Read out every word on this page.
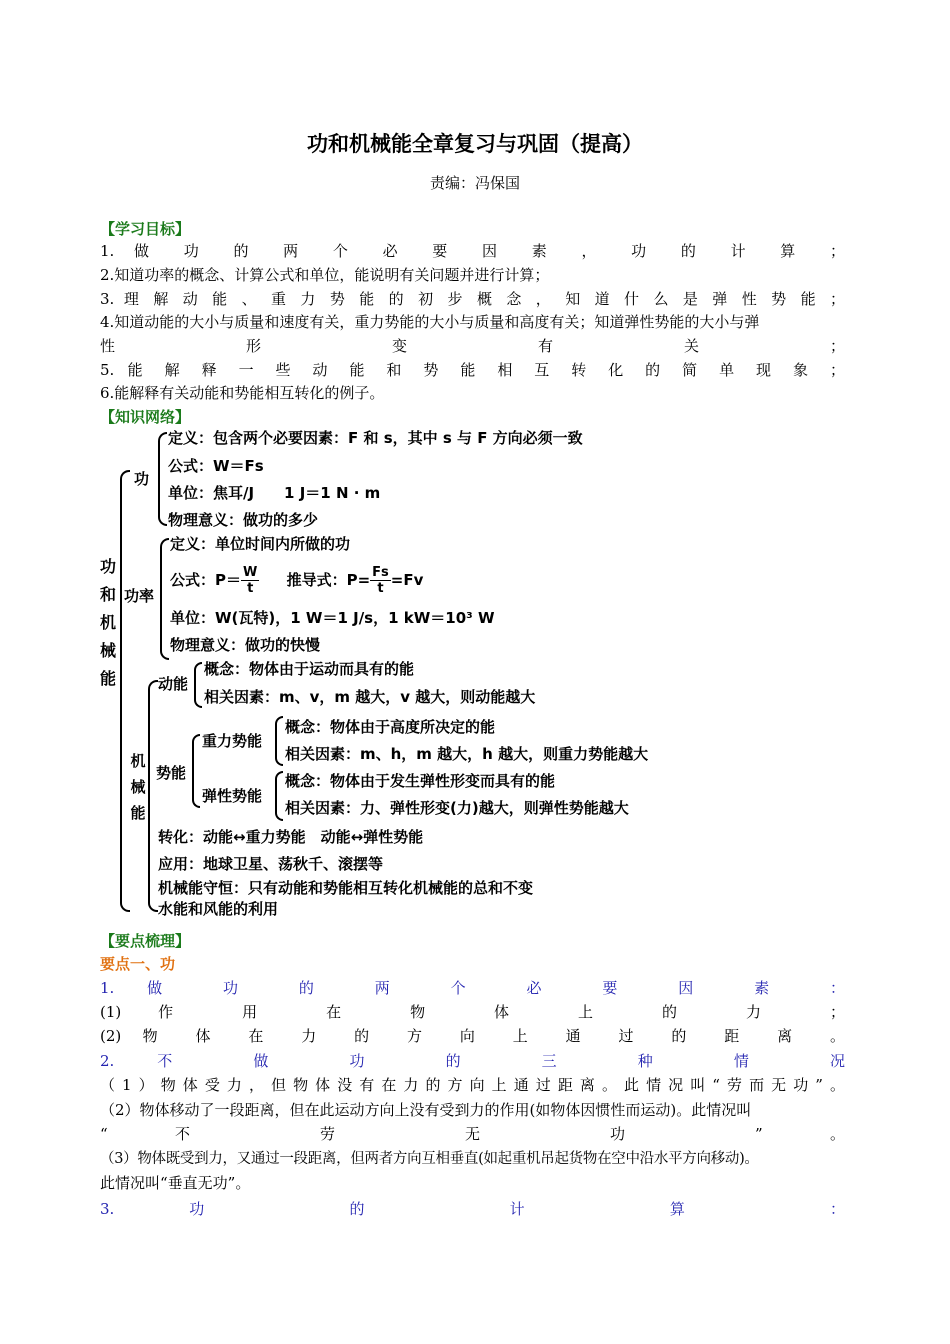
功和机械能全章复习与巩固（提高）
责编：冯保国
【学习目标】
1. 做 功 的 两 个 必 要 因 素 ， 功 的 计 算 ；
2.知道功率的概念、计算公式和单位，能说明有关问题并进行计算；
3. 理 解 动 能 、 重 力 势 能 的 初 步 概 念 ， 知 道 什 么 是 弹 性 势 能 ；
4.知道动能的大小与质量和速度有关，重力势能的大小与质量和高度有关；知道弹性势能的大小与弹
性 形 变 有 关 ；
5. 能 解 释 一 些 动 能 和 势 能 相 互 转 化 的 简 单 现 象 ；
6.能解释有关动能和势能相互转化的例子。
【知识网络】
功
和
机
械
能
功
定义：包含两个必要因素：F 和 s，其中 s 与 F 方向必须一致
公式：W＝Fs
单位：焦耳/J　　1 J＝1 N · m
物理意义：做功的多少
功率
定义：单位时间内所做的功
公式：$P= \frac{W}{t}$ 推导式：$P= \frac{Fs}{t} =Fv$
单位：W(瓦特)，1 W＝1 J/s，1 kW＝10³ W
物理意义：做功的快慢
机
械
能
动能
概念：物体由于运动而具有的能
相关因素：m、v，m 越大，v 越大，则动能越大
势能
重力势能
概念：物体由于高度所决定的能
相关因素：m、h，m 越大，h 越大，则重力势能越大
弹性势能
概念：物体由于发生弹性形变而具有的能
相关因素：力、弹性形变(力)越大，则弹性势能越大
转化：动能↔重力势能　动能↔弹性势能
应用：地球卫星、荡秋千、滚摆等
机械能守恒：只有动能和势能相互转化机械能的总和不变
水能和风能的利用
【要点梳理】
要点一、功
1. 做 功 的 两 个 必 要 因 素 ：
(1) 作 用 在 物 体 上 的 力 ；
(2) 物 体 在 力 的 方 向 上 通 过 的 距 离 。
2. 不 做 功 的 三 种 情 况
（1）物体受力，但物体没有在力的方向上通过距离。此情况叫“劳而无功”。
（2）物体移动了一段距离，但在此运动方向上没有受到力的作用(如物体因惯性而运动)。此情况叫
“ 不 劳 无 功 ” 。
（3）物体既受到力，又通过一段距离，但两者方向互相垂直(如起重机吊起货物在空中沿水平方向移动)。
此情况叫“垂直无功”。
3. 功 的 计 算 ：
